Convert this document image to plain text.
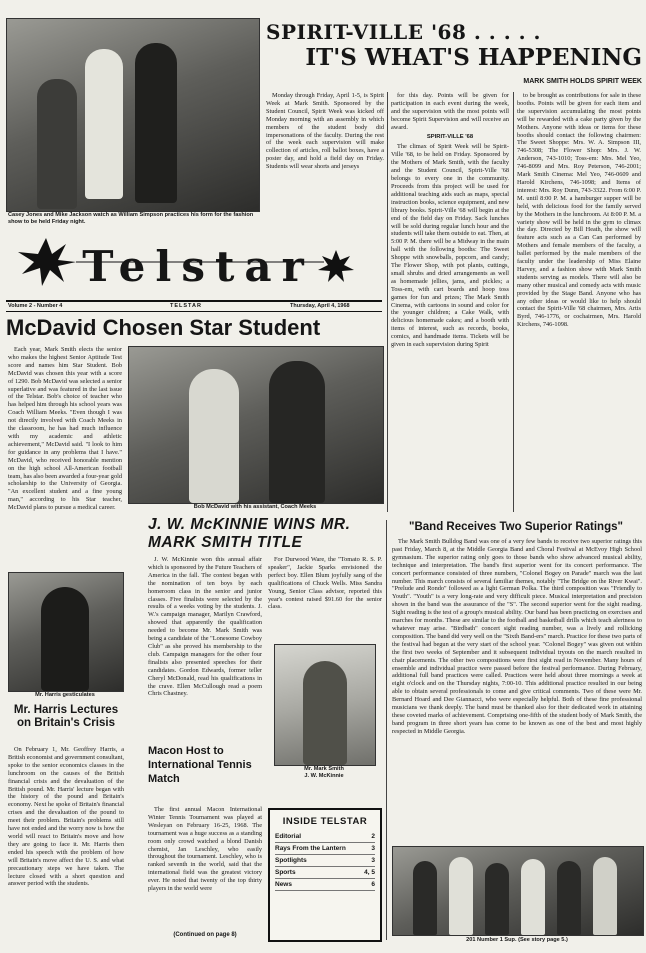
Casey Jones and Mike Jackson watch as William Simpson practices his form for the fashion show to be held Friday night.
SPIRIT-VILLE '68 . . . . .
IT'S WHAT'S HAPPENING
MARK SMITH HOLDS SPIRIT WEEK

Monday through Friday, April 1-5, is Spirit Week at Mark Smith. Sponsored by the Student Council, Spirit Week was kicked off Monday morning with an assembly in which members of the student body did impersonations of the faculty. During the rest of the week each supervision will make collection of articles, roll ballot boxes, have a poster day, and hold a field day on Friday. Students will wear shorts and jerseys

for this day. Points will be given for participation in each event during the week, and the supervision with the most points will become Spirit Supervision and will receive an award.

SPIRIT-VILLE '68

The climax of Spirit Week will be Spirit-Ville '68, to be held on Friday. Sponsored by the Mothers of Mark Smith, with the faculty and the Student Council, Spirit-Ville '68 belongs to every one in the community. Proceeds from this project will be used for additional teaching aids such as maps, special instruction books, science equipment, and new library books. Spirit-Ville '68 will begin at the end of the field day on Friday. Sack lunches will be sold during regular lunch hour and the students will take them outside to eat. Then, at 5:00 P. M. there will be a Midway in the main hall with the following booths: The Sweet Shoppe with snowballs, popcorn, and candy; The Flower Shop, with pot plants, cuttings, small shrubs and dried arrangements as well as homemade jellies, jams, and pickles; a Toss-em, with cart boards and hoop toss games for fun and prizes; The Mark Smith Cinema, with cartoons in sound and color for the younger children; a Cake Walk, with delicious homemade cakes; and a booth with items of interest, such as records, books, comics, and handmade items. Tickets will be given in each supervision during Spirit

to be brought as contributions for sale in these booths. Points will be given for each item and the supervision accumulating the most points will be rewarded with a cake party given by the Mothers. Anyone with ideas or items for these booths should contact the following chairmen: The Sweet Shoppe: Mrs. W. A. Simpson III, 746-5308; The Flower Shop: Mrs. J. W. Anderson, 743-1010; Toss-em: Mrs. Mel Yeo, 746-8099 and Mrs. Roy Peterson, 746-2001; Mark Smith Cinema: Mel Yeo, 746-0609 and Harold Kirchens, 746-1098; and Items of interest: Mrs. Roy Dunn, 743-3322. From 6:00 P. M. until 8:00 P. M. a hamburger supper will be held, with delicious food for the family served by the Mothers in the lunchroom. At 8:00 P. M. a variety show will be held in the gym to climax the day. Directed by Bill Heath, the show will feature acts such as a Can Can performed by Mothers and female members of the faculty, a ballet performed by the male members of the faculty under the leadership of Miss Elaine Harvey, and a fashion show with Mark Smith students serving as models. There will also be many other musical and comedy acts with music provided by the Stage Band. Anyone who has any other ideas or would like to help should contact the Spirit-Ville '68 chairmen, Mrs. Artis Byrd, 746-1776, or cochairmen, Mrs. Harold Kirchens, 746-1098.

Telstar
Volume 2 - Number 4	TELSTAR	Thursday, April 4, 1968
McDavid Chosen Star Student

Each year, Mark Smith elects the senior who makes the highest Senior Aptitude Test score and names him Star Student. Bob McDavid was chosen this year with a score of 1290. Bob McDavid was selected a senior superlative and was featured in the last issue of the Telstar. Bob's choice of teacher who has helped him through his school years was Coach William Meeks. "Even though I was not directly involved with Coach Meeks in the classroom, he has had much influence with my academic and athletic achievement," McDavid said. "I look to him for guidance in any problems that I have." McDavid, who received honorable mention on the high school All-American football team, has also been awarded a four-year gold scholarship to the University of Georgia. "An excellent student and a fine young man," according to his Star teacher, McDavid plans to pursue a medical career.	Bob McDavid with his assistant, Coach Meeks
J. W. McKINNIE WINS MR. MARK SMITH TITLE

J. W. McKinnie won this annual affair which is sponsored by the Future Teachers of America in the fall. The contest began with the nomination of ten boys by each homeroom class in the senior and junior classes. Five finalists were selected by the results of a weeks voting by the students. J. W.'s campaign manager, Marilyn Crawford, showed that apparently the qualification needed to become Mr. Mark Smith was being a candidate of the "Lonesome Cowboy Club" as she proved his membership to the club. Campaign managers for the other four finalists also presented speeches for their candidates. Gordon Edwards, former teller Cheryl McDonald, read his qualifications in the crave. Ellen McCullough read a poem Chris Chastney.

For Durwood Ware, the "Tomato R. S. P. speaker", Jackie Sparks envisioned the perfect boy. Ellen Blum joyfully sang of the qualifications of Chuck Wells. Miss Sandra Young, Senior Class advisor, reported this year's contest raised $91.60 for the senior class.

Mr. Mark Smith
J. W. McKinnie
Mr. Harris gesticulates
Mr. Harris Lectures on Britain's Crisis

On February 1, Mr. Geoffrey Harris, a British economist and government consultant, spoke to the senior economics classes in the lunchroom on the causes of the British financial crisis and the devaluation of the British pound. Mr. Harris' lecture began with the history of the pound and Britain's economy. Next he spoke of Britain's financial crises and the devaluation of the pound to meet their problem. Britain's problems still have not ended and the worry now is how the world will react to Britain's move and how they are going to face it. Mr. Harris then ended his speech with the problem of how will Britain's move affect the U. S. and what precautionary steps we have taken. The lecture closed with a short question and answer period with the students.

Macon Host to International Tennis Match

The first annual Macon International Winter Tennis Tournament was played at Wesleyan on February 16-25, 1968. The tournament was a huge success as a standing room only crowd watched a blond Danish chemist, Jan Leschley, who easily throughout the tournament. Leschley, who is ranked seventh in the world, said that the international field was the greatest victory ever. He noted that twenty of the top thirty players in the world were

(Continued on page 8)
INSIDE TELSTAR
Editorial	2
Rays From the Lantern	3
Spotlights	3
Sports	4, 5
News	6
"Band Receives Two Superior Ratings"

The Mark Smith Bulldog Band was one of a very few bands to receive two superior ratings this past Friday, March 8, at the Middle Georgia Band and Choral Festival at McEvoy High School gymnasium. The superior rating only goes to those bands who show advanced musical ability, technique and interpretation. The band's first superior went for its concert performance. The concert performance consisted of three numbers, "Colonel Bogey on Parade" march was the last number. This march consists of several familiar themes, notably "The Bridge on the River Kwai". "Prelude and Rondo" followed as a light German Polka. The third composition was "Friendly to Youth". "Youth" is a very long-rate and very difficult piece. Musical interpretation and precision shown in the band was the assurance of the "S". The second superior went for the sight reading. Sight reading is the test of a group's musical ability. Our band has been practicing on exercises and marches for months. These are similar to the football and basketball drills which teach alertness to whatever may arise. "Birdbath" concert sight reading number, was a lively and rollicking composition. The band did very well on the "Sixth Band-ers" march. Practice for these two parts of the festival had begun at the very start of the school year. "Colonel Bogey" was given out within the first two weeks of September and it subsequent individual tryouts on the march resulted in chair placements. The other two compositions were first sight read in November. Many hours of ensemble and individual practice were passed before the festival performance. During February, additional full band practices were called. Practices were held about three mornings a week at eight o'clock and on the Thursday nights, 7:00-10. This additional practice resulted in our being able to obtain several professionals to come and give critical comments. Two of these were Mr. Bernard Hoard and Dee Giannacci, who were especially helpful. Both of these fine professional musicians we thank deeply. The band must be thanked also for their dedicated work in attaining these coveted marks of achievement. Comprising one-fifth of the student body of Mark Smith, the band program in three short years has come to be known as one of the best and most highly respected in Middle Georgia.

201 Number 1 Sup. (See story page 5.)
